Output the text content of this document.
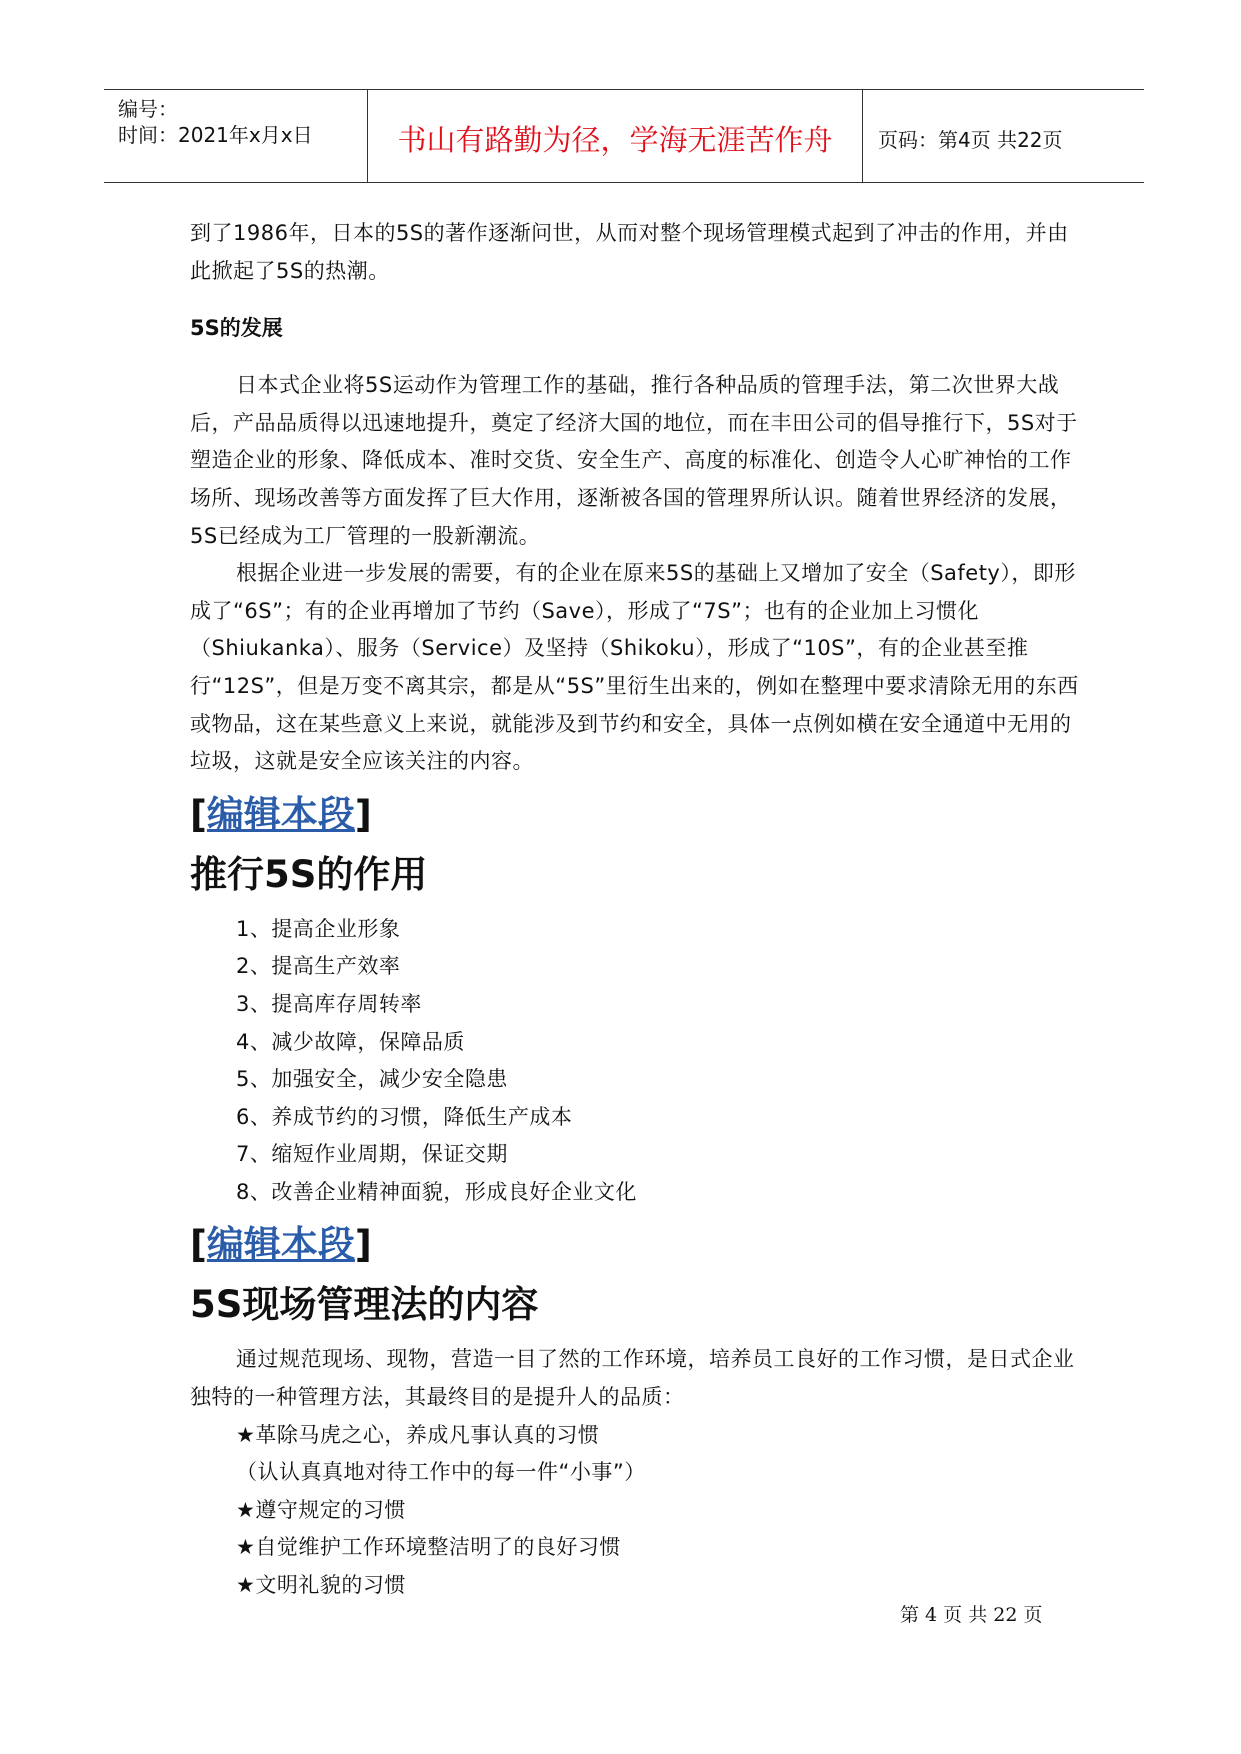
编号：
时间：2021年x月x日	书山有路勤为径，学海无涯苦作舟	页码：第4页 共22页

到了1986年，日本的5S的著作逐渐问世，从而对整个现场管理模式起到了冲击的作用，并由此掀起了5S的热潮。

5S的发展

日本式企业将5S运动作为管理工作的基础，推行各种品质的管理手法，第二次世界大战后，产品品质得以迅速地提升，奠定了经济大国的地位，而在丰田公司的倡导推行下，5S对于塑造企业的形象、降低成本、准时交货、安全生产、高度的标准化、创造令人心旷神怡的工作场所、现场改善等方面发挥了巨大作用，逐渐被各国的管理界所认识。随着世界经济的发展，5S已经成为工厂管理的一股新潮流。

根据企业进一步发展的需要，有的企业在原来5S的基础上又增加了安全（Safety），即形成了“6S”；有的企业再增加了节约（Save），形成了“7S”；也有的企业加上习惯化（Shiukanka）、服务（Service）及坚持（Shikoku），形成了“10S”，有的企业甚至推行“12S”，但是万变不离其宗，都是从“5S”里衍生出来的，例如在整理中要求清除无用的东西或物品，这在某些意义上来说，就能涉及到节约和安全，具体一点例如横在安全通道中无用的垃圾，这就是安全应该关注的内容。

[编辑本段]
推行5S的作用
1、提高企业形象
2、提高生产效率
3、提高库存周转率
4、减少故障，保障品质
5、加强安全，减少安全隐患
6、养成节约的习惯，降低生产成本
7、缩短作业周期，保证交期
8、改善企业精神面貌，形成良好企业文化
[编辑本段]
5S现场管理法的内容

通过规范现场、现物，营造一目了然的工作环境，培养员工良好的工作习惯，是日式企业独特的一种管理方法，其最终目的是提升人的品质：

★革除马虎之心，养成凡事认真的习惯
（认认真真地对待工作中的每一件“小事”）
★遵守规定的习惯
★自觉维护工作环境整洁明了的良好习惯
★文明礼貌的习惯
第 4 页 共 22 页
